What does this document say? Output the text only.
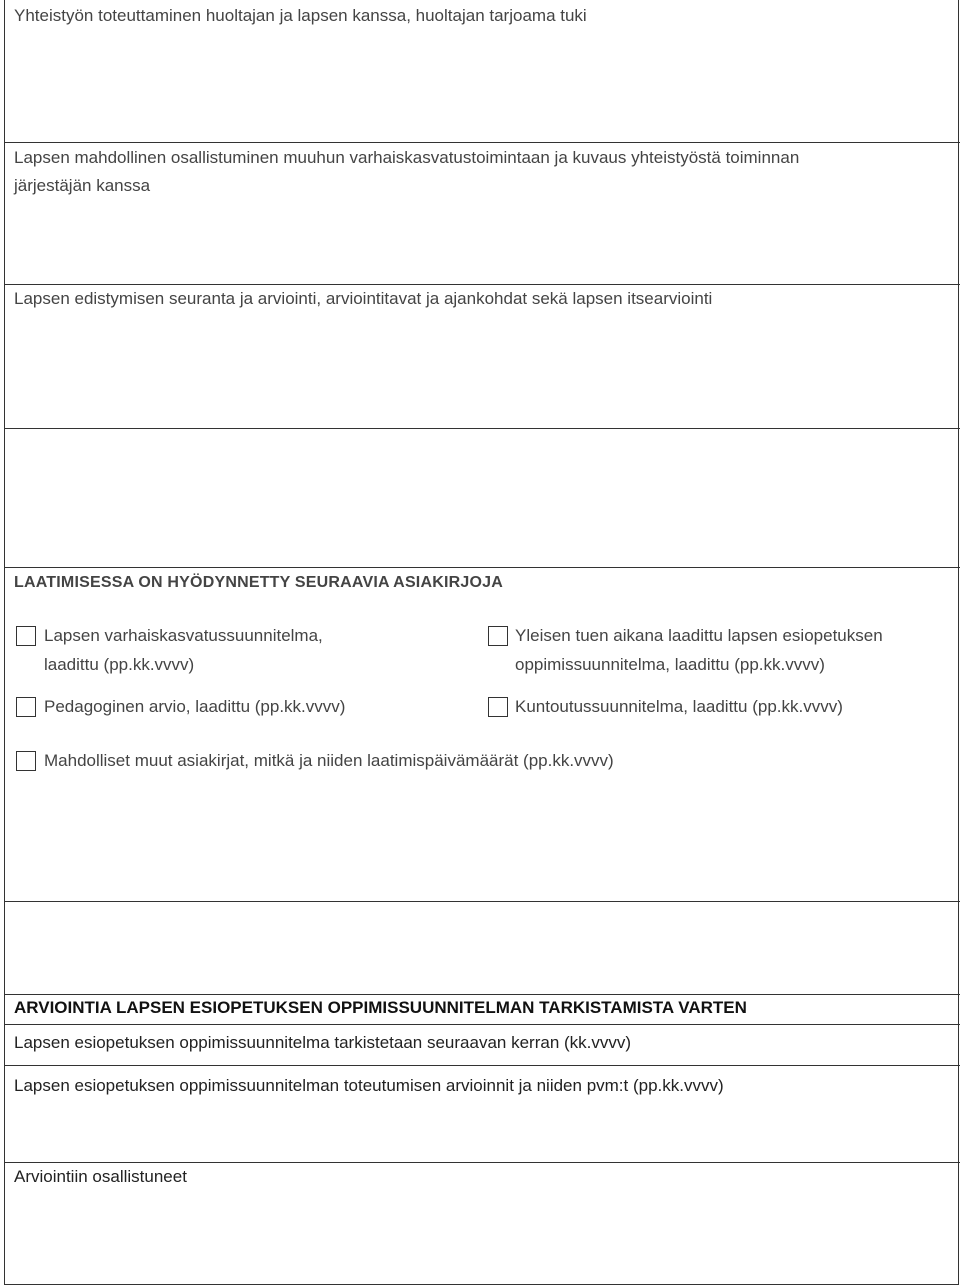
Yhteistyön toteuttaminen huoltajan ja lapsen kanssa, huoltajan tarjoama tuki
Lapsen mahdollinen osallistuminen muuhun varhaiskasvatustoimintaan ja kuvaus yhteistyöstä toiminnan
järjestäjän kanssa
Lapsen edistymisen seuranta ja arviointi, arviointitavat ja ajankohdat sekä lapsen itsearviointi
LAATIMISESSA ON HYÖDYNNETTY SEURAAVIA ASIAKIRJOJA
Lapsen varhaiskasvatussuunnitelma,
laadittu (pp.kk.vvvv)
Yleisen tuen aikana laadittu lapsen esiopetuksen
oppimissuunnitelma, laadittu (pp.kk.vvvv)
Pedagoginen arvio, laadittu (pp.kk.vvvv)	Kuntoutussuunnitelma, laadittu (pp.kk.vvvv)
Mahdolliset muut asiakirjat, mitkä ja niiden laatimispäivämäärät (pp.kk.vvvv)
ARVIOINTIA LAPSEN ESIOPETUKSEN OPPIMISSUUNNITELMAN TARKISTAMISTA VARTEN
Lapsen esiopetuksen oppimissuunnitelma tarkistetaan seuraavan kerran (kk.vvvv)
Lapsen esiopetuksen oppimissuunnitelman toteutumisen arvioinnit ja niiden pvm:t (pp.kk.vvvv)
Arviointiin osallistuneet
